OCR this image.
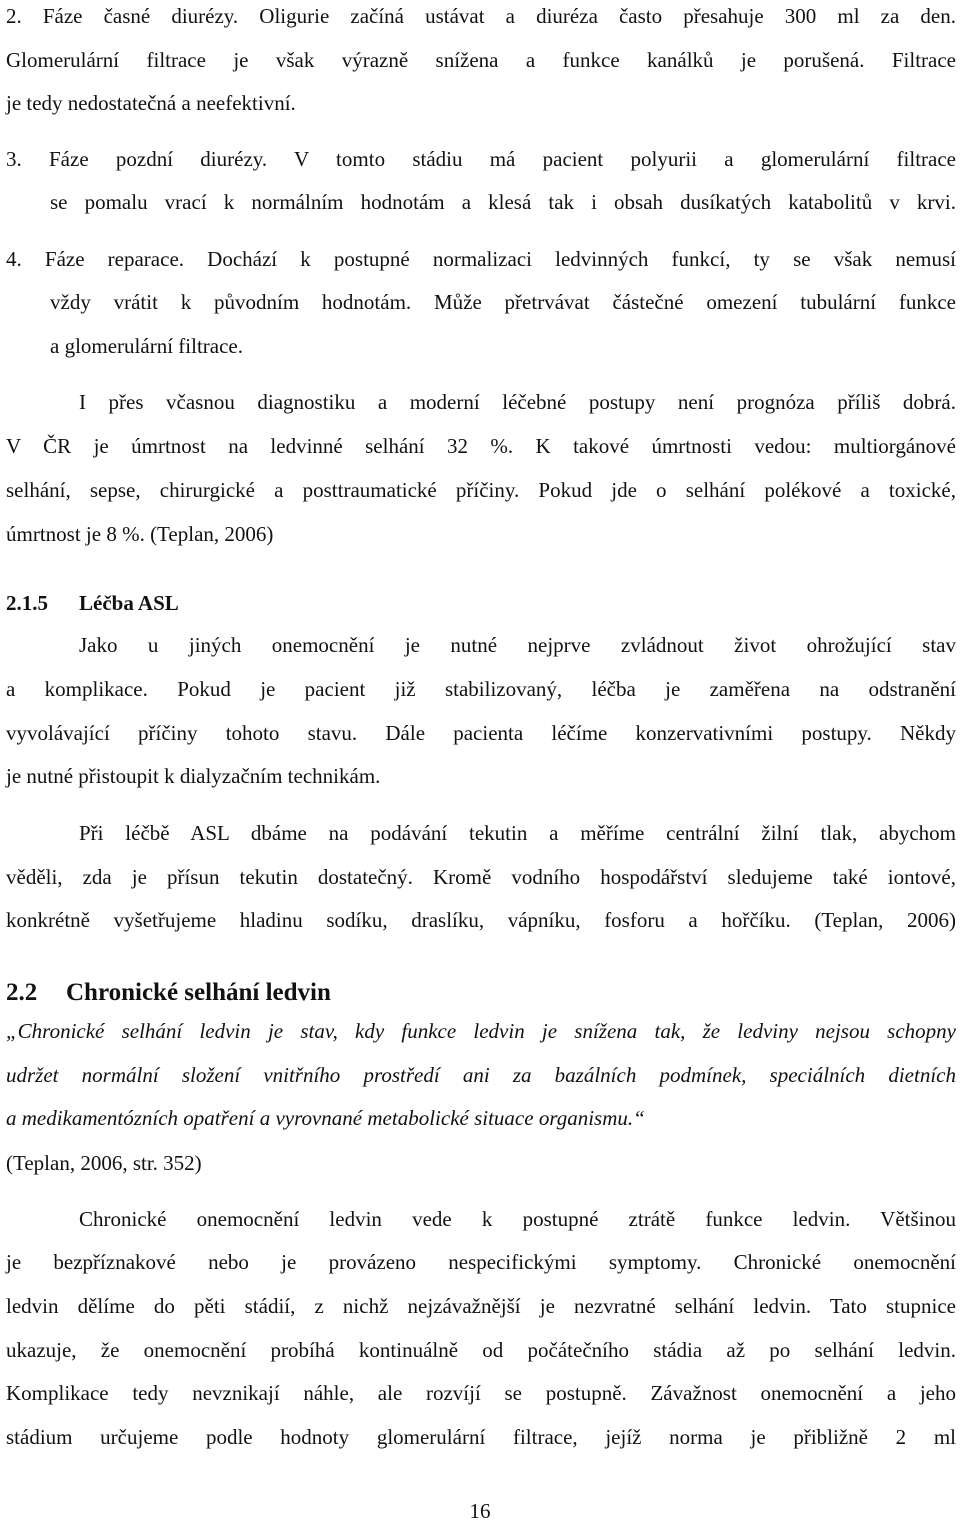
2. Fáze časné diurézy. Oligurie začíná ustávat a diuréza často přesahuje 300 ml za den.

Glomerulární filtrace je však výrazně snížena a funkce kanálků je porušená. Filtrace

je tedy nedostatečná a neefektivní.

3. Fáze pozdní diurézy. V tomto stádiu má pacient polyurii a glomerulární filtrace

se pomalu vrací k normálním hodnotám a klesá tak i obsah dusíkatých katabolitů v krvi.

4. Fáze reparace. Dochází k postupné normalizaci ledvinných funkcí, ty se však nemusí

vždy vrátit k původním hodnotám. Může přetrvávat částečné omezení tubulární funkce

a glomerulární filtrace.

I přes včasnou diagnostiku a moderní léčebné postupy není prognóza příliš dobrá.

V ČR je úmrtnost na ledvinné selhání 32 %. K takové úmrtnosti vedou: multiorgánové

selhání, sepse, chirurgické a posttraumatické příčiny. Pokud jde o selhání polékové a toxické,

úmrtnost je 8 %. (Teplan, 2006)

2.1.5 Léčba ASL

Jako u jiných onemocnění je nutné nejprve zvládnout život ohrožující stav

a komplikace. Pokud je pacient již stabilizovaný, léčba je zaměřena na odstranění

vyvolávající příčiny tohoto stavu. Dále pacienta léčíme konzervativními postupy. Někdy

je nutné přistoupit k dialyzačním technikám.

Při léčbě ASL dbáme na podávání tekutin a měříme centrální žilní tlak, abychom

věděli, zda je přísun tekutin dostatečný. Kromě vodního hospodářství sledujeme také iontové,

konkrétně vyšetřujeme hladinu sodíku, draslíku, vápníku, fosforu a hořčíku. (Teplan, 2006)

2.2 Chronické selhání ledvin

„Chronické selhání ledvin je stav, kdy funkce ledvin je snížena tak, že ledviny nejsou schopny

udržet normální složení vnitřního prostředí ani za bazálních podmínek, speciálních dietních

a medikamentózních opatření a vyrovnané metabolické situace organismu.“

(Teplan, 2006, str. 352)

Chronické onemocnění ledvin vede k postupné ztrátě funkce ledvin. Většinou

je bezpříznakové nebo je provázeno nespecifickými symptomy. Chronické onemocnění

ledvin dělíme do pěti stádií, z nichž nejzávažnější je nezvratné selhání ledvin. Tato stupnice

ukazuje, že onemocnění probíhá kontinuálně od počátečního stádia až po selhání ledvin.

Komplikace tedy nevznikají náhle, ale rozvíjí se postupně. Závažnost onemocnění a jeho

stádium určujeme podle hodnoty glomerulární filtrace, jejíž norma je přibližně 2 ml

16
